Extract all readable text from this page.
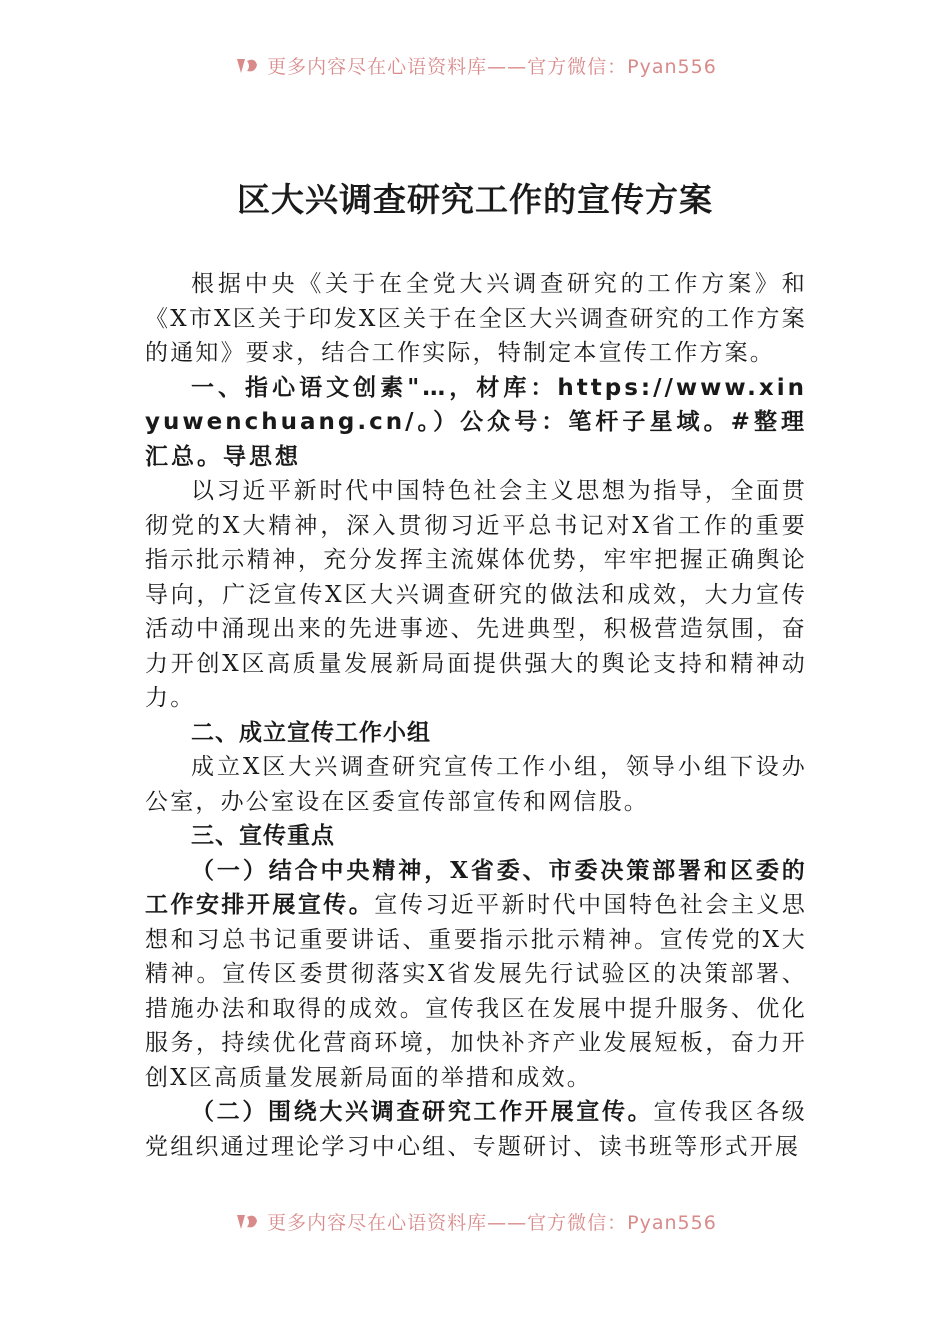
更多内容尽在心语资料库——官方微信：Pyan556
区大兴调查研究工作的宣传方案

根据中央《关于在全党大兴调查研究的工作方案》和《X市X区关于印发X区关于在全区大兴调查研究的工作方案的通知》要求，结合工作实际，特制定本宣传工作方案。

一、指心语文创素"…，材库：https://www.xinyuwenchuang.cn/。）公众号：笔杆子星域。#整理汇总。导思想

以习近平新时代中国特色社会主义思想为指导，全面贯彻党的X大精神，深入贯彻习近平总书记对X省工作的重要指示批示精神，充分发挥主流媒体优势，牢牢把握正确舆论导向，广泛宣传X区大兴调查研究的做法和成效，大力宣传活动中涌现出来的先进事迹、先进典型，积极营造氛围，奋力开创X区高质量发展新局面提供强大的舆论支持和精神动力。

二、成立宣传工作小组

成立X区大兴调查研究宣传工作小组，领导小组下设办公室，办公室设在区委宣传部宣传和网信股。

三、宣传重点

（一）结合中央精神，X省委、市委决策部署和区委的工作安排开展宣传。宣传习近平新时代中国特色社会主义思想和习总书记重要讲话、重要指示批示精神。宣传党的X大精神。宣传区委贯彻落实X省发展先行试验区的决策部署、措施办法和取得的成效。宣传我区在发展中提升服务、优化服务，持续优化营商环境，加快补齐产业发展短板，奋力开创X区高质量发展新局面的举措和成效。

（二）围绕大兴调查研究工作开展宣传。宣传我区各级党组织通过理论学习中心组、专题研讨、读书班等形式开展

更多内容尽在心语资料库——官方微信：Pyan556
